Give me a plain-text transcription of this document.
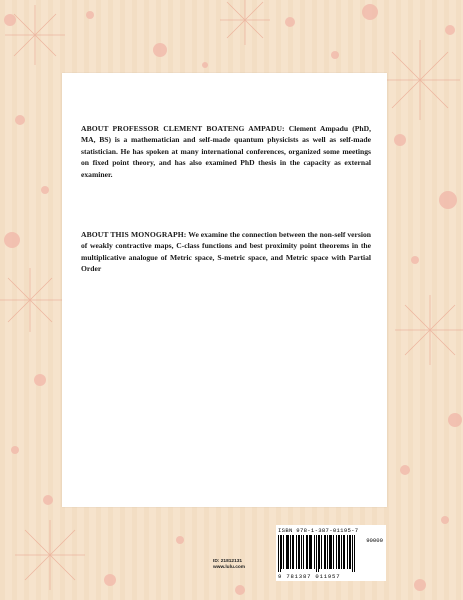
ABOUT PROFESSOR CLEMENT BOATENG AMPADU: Clement Ampadu (PhD, MA, BS) is a mathematician and self-made quantum physicists as well as self-made statistician. He has spoken at many international conferences, organized some meetings on fixed point theory, and has also examined PhD thesis in the capacity as external examiner.
ABOUT THIS MONOGRAPH: We examine the connection between the non-self version of weakly contractive maps, C-class functions and best proximity point theorems in the multiplicative analogue of Metric space, S-metric space, and Metric space with Partial Order
ID: 21812131
www.lulu.com
ISBN 978-1-387-01195-7
90000
9 781387 011957
